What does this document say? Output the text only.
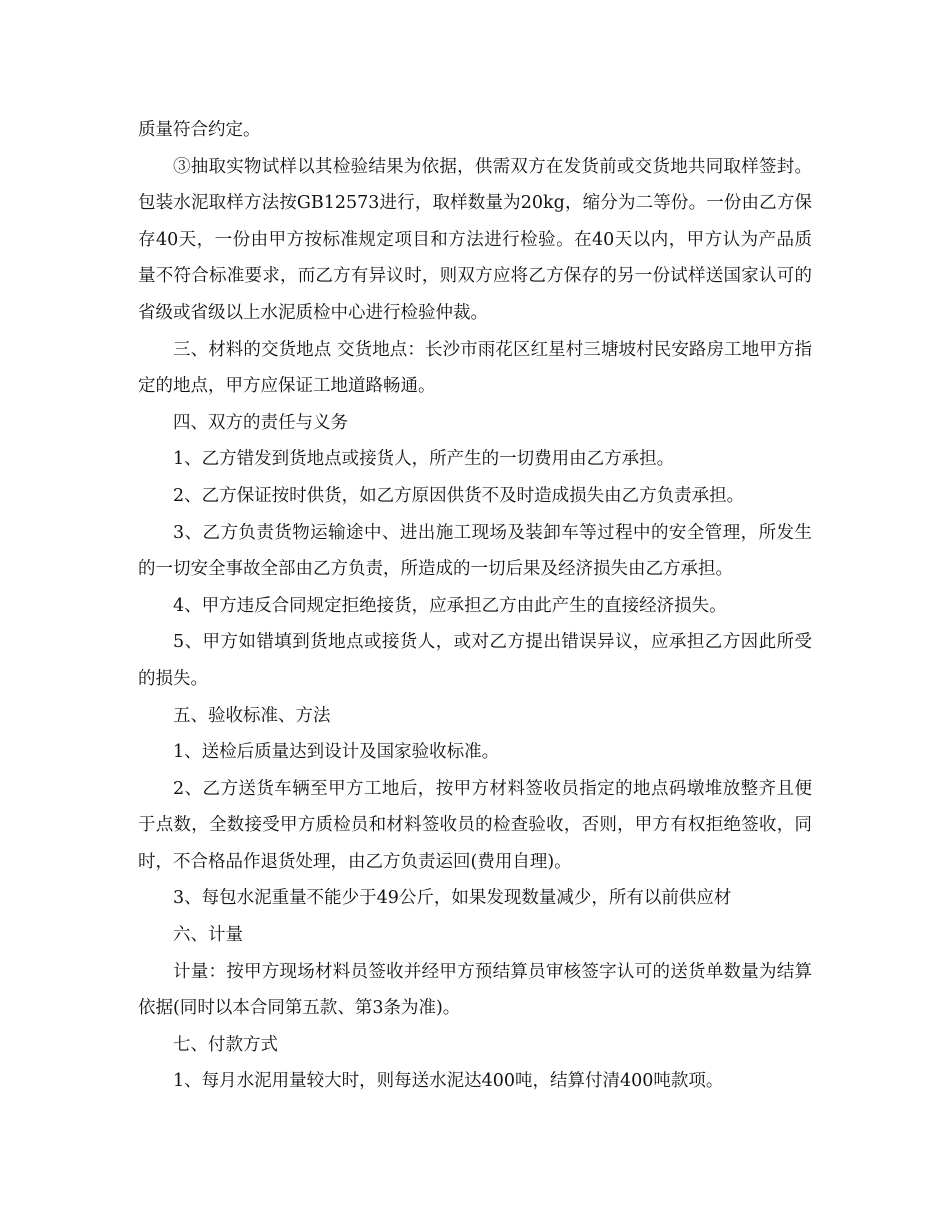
质量符合约定。

③抽取实物试样以其检验结果为依据，供需双方在发货前或交货地共同取样签封。包装水泥取样方法按GB12573进行，取样数量为20kg，缩分为二等份。一份由乙方保存40天，一份由甲方按标准规定项目和方法进行检验。在40天以内，甲方认为产品质量不符合标准要求，而乙方有异议时，则双方应将乙方保存的另一份试样送国家认可的省级或省级以上水泥质检中心进行检验仲裁。

三、材料的交货地点 交货地点：长沙市雨花区红星村三塘坡村民安路房工地甲方指定的地点，甲方应保证工地道路畅通。

四、双方的责任与义务

1、乙方错发到货地点或接货人，所产生的一切费用由乙方承担。

2、乙方保证按时供货，如乙方原因供货不及时造成损失由乙方负责承担。

3、乙方负责货物运输途中、进出施工现场及装卸车等过程中的安全管理，所发生的一切安全事故全部由乙方负责，所造成的一切后果及经济损失由乙方承担。

4、甲方违反合同规定拒绝接货，应承担乙方由此产生的直接经济损失。

5、甲方如错填到货地点或接货人，或对乙方提出错误异议，应承担乙方因此所受的损失。

五、验收标准、方法

1、送检后质量达到设计及国家验收标准。

2、乙方送货车辆至甲方工地后，按甲方材料签收员指定的地点码墩堆放整齐且便于点数，全数接受甲方质检员和材料签收员的检查验收，否则，甲方有权拒绝签收，同时，不合格品作退货处理，由乙方负责运回(费用自理)。

3、每包水泥重量不能少于49公斤，如果发现数量减少，所有以前供应材

六、计量

计量：按甲方现场材料员签收并经甲方预结算员审核签字认可的送货单数量为结算依据(同时以本合同第五款、第3条为准)。

七、付款方式

1、每月水泥用量较大时，则每送水泥达400吨，结算付清400吨款项。
